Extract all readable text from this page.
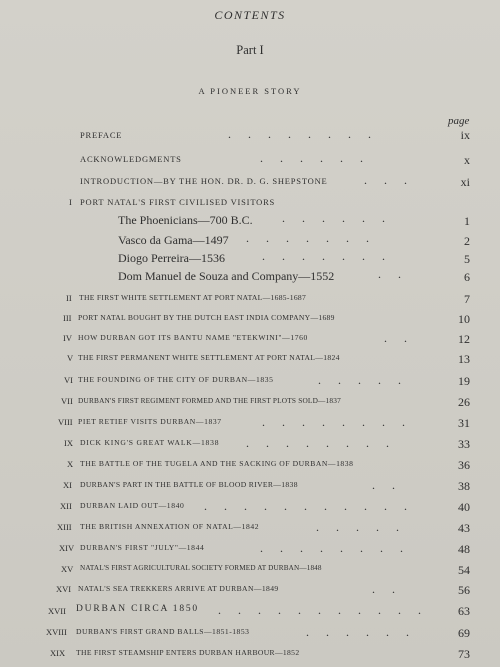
CONTENTS
Part I
A PIONEER STORY
page
PREFACE	. . . . . . . .	ix
ACKNOWLEDGMENTS	. . . . . .	x
INTRODUCTION—BY THE HON. DR. D. G. SHEPSTONE	. . .	xi
I PORT NATAL'S FIRST CIVILISED VISITORS
The Phoenicians—700 B.C. . . . . . .	1
Vasco da Gama—1497 . . . . . . .	2
Diogo Perreira—1536	. . . . . . .	5
Dom Manuel de Souza and Company—1552	. .	6
II THE FIRST WHITE SETTLEMENT AT PORT NATAL—1685-1687	7
III PORT NATAL BOUGHT BY THE DUTCH EAST INDIA COMPANY—1689	10
IV HOW DURBAN GOT ITS BANTU NAME "ETEKWINI"—1760	. .	12
V THE FIRST PERMANENT WHITE SETTLEMENT AT PORT NATAL—1824	13
VI THE FOUNDING OF THE CITY OF DURBAN—1835	. . . . .	19
VII DURBAN'S FIRST REGIMENT FORMED AND THE FIRST PLOTS SOLD—1837	26
VIII PIET RETIEF VISITS DURBAN—1837	. . . . . . . .	31
IX DICK KING'S GREAT WALK—1838 . . . . . . . .	33
X THE BATTLE OF THE TUGELA AND THE SACKING OF DURBAN—1838	36
XI DURBAN'S PART IN THE BATTLE OF BLOOD RIVER—1838	. .	38
XII DURBAN LAID OUT—1840 . . . . . . . . . . .	40
XIII THE BRITISH ANNEXATION OF NATAL—1842	. . . . .	43
XIV DURBAN'S FIRST "JULY"—1844	. . . . . . . .	48
XV NATAL'S FIRST AGRICULTURAL SOCIETY FORMED AT DURBAN—1848	54
XVI NATAL'S SEA TREKKERS ARRIVE AT DURBAN—1849	. .	56
XVII DURBAN CIRCA 1850 . . . . . . . . . . .	63
XVIII DURBAN'S FIRST GRAND BALLS—1851-1853	. . . . . .	69
XIX THE FIRST STEAMSHIP ENTERS DURBAN HARBOUR—1852	73
